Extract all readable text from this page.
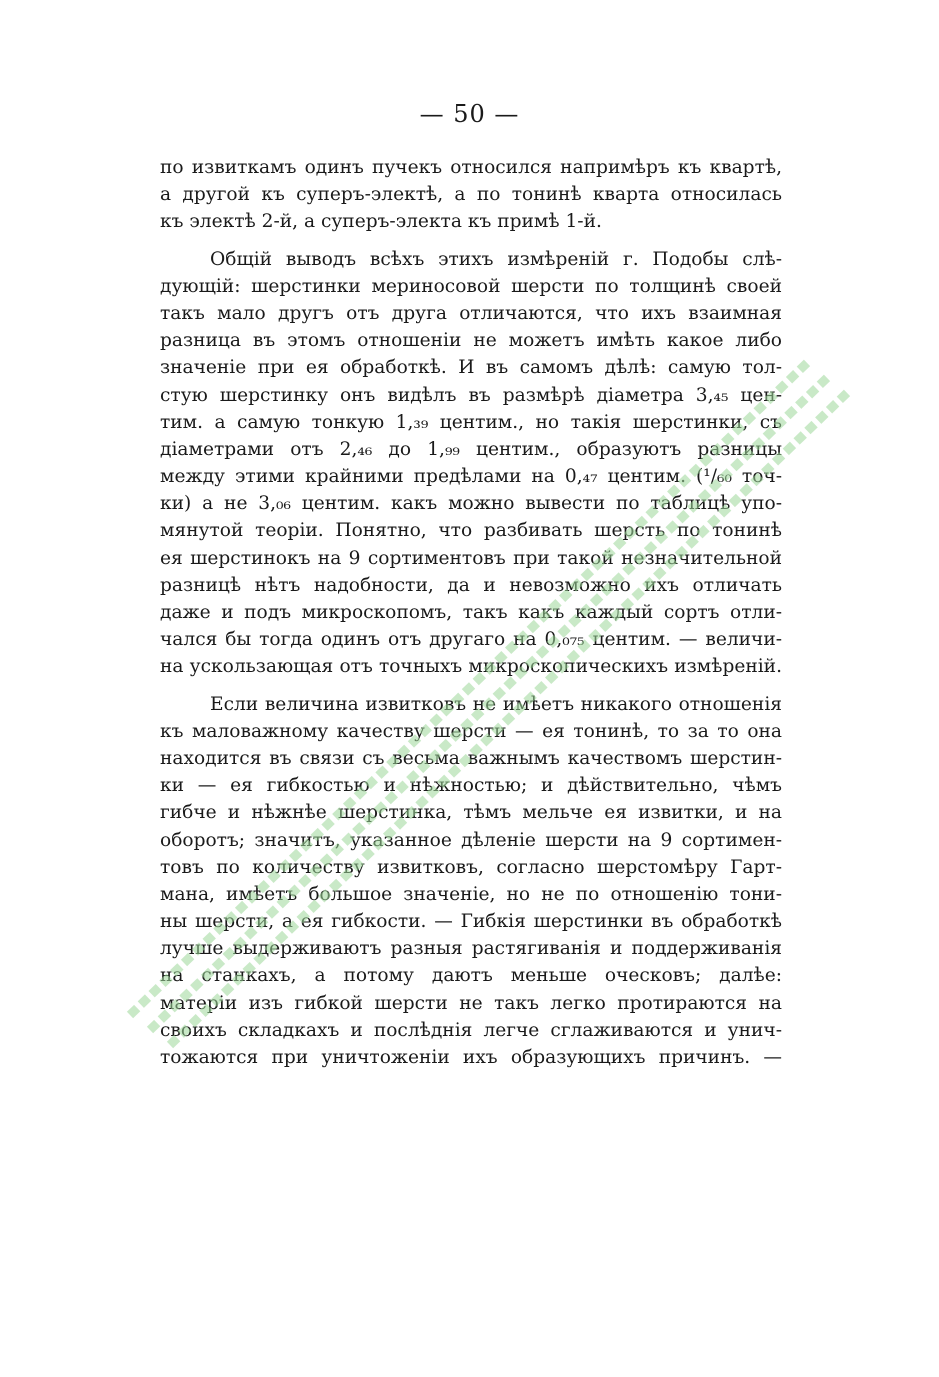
— 50 —
по извиткамъ одинъ пучекъ относился напримѣръ къ квартѣ,
а другой къ суперъ-электѣ, а по тонинѣ кварта относилась
къ электѣ 2-й, а суперъ-электа къ примѣ 1-й.
Общій выводъ всѣхъ этихъ измѣреній г. Подобы слѣ-
дующій: шерстинки мериносовой шерсти по толщинѣ своей
такъ мало другъ отъ друга отличаются, что ихъ взаимная
разница въ этомъ отношеніи не можетъ имѣть какое либо
значеніе при ея обработкѣ. И въ самомъ дѣлѣ: самую тол-
стую шерстинку онъ видѣлъ въ размѣрѣ діаметра 3,₄₅ цен-
тим. а самую тонкую 1,₃₉ центим., но такія шерстинки, съ
діаметрами отъ 2,₄₆ до 1,₉₉ центим., образуютъ разницы
между этими крайними предѣлами на 0,₄₇ центим. (¹/₆₀ точ-
ки) а не 3,₀₆ центим. какъ можно вывести по таблицѣ упо-
мянутой теоріи. Понятно, что разбивать шерсть по тонинѣ
ея шерстинокъ на 9 сортиментовъ при такой незначительной
разницѣ нѣтъ надобности, да и невозможно ихъ отличать
даже и подъ микроскопомъ, такъ какъ каждый сортъ отли-
чался бы тогда одинъ отъ другаго на 0,₀₇₅ центим. — величи-
на ускользающая отъ точныхъ микроскопическихъ измѣреній.
Если величина извитковъ не имѣетъ никакого отношенія
къ маловажному качеству шерсти — ея тонинѣ, то за то она
находится въ связи съ весьма важнымъ качествомъ шерстин-
ки — ея гибкостью и нѣжностью; и дѣйствительно, чѣмъ
гибче и нѣжнѣе шерстинка, тѣмъ мельче ея извитки, и на
оборотъ; значитъ, указанное дѣленіе шерсти на 9 сортимен-
товъ по количеству извитковъ, согласно шерстомѣру Гарт-
мана, имѣетъ большое значеніе, но не по отношенію тони-
ны шерсти, а ея гибкости. — Гибкія шерстинки въ обработкѣ
лучше выдерживаютъ разныя растягиванія и поддерживанія
на станкахъ, а потому даютъ меньше оческовъ; далѣе:
матеріи изъ гибкой шерсти не такъ легко протираются на
своихъ складкахъ и послѣднія легче сглаживаются и унич-
тожаются при уничтоженіи ихъ образующихъ причинъ. —
